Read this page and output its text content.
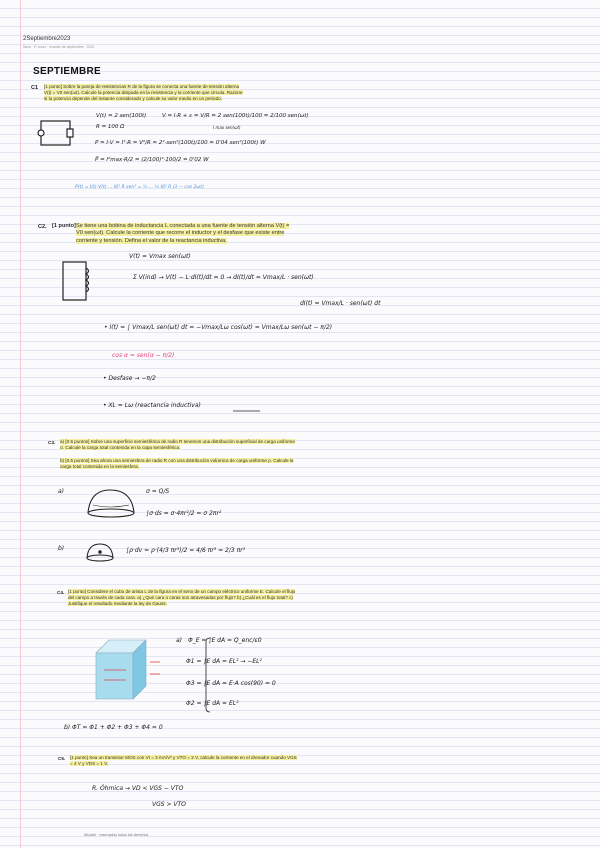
2Septiembre2023
fisica · 2º curso · examen de septiembre · 2023
SEPTIEMBRE
C1 [1 punto] Sobre la pareja de resistencias R de la figura se conecta una fuente de tensión alterna V(t) = V0 sen(ωt). Calcule la potencia disipada en la resistencia y la corriente que circula. Razone si la potencia depende del instante considerado y calcule su valor medio en un periodo.
V(t) = 2 sen(100t)	V = I·R + ε = V/R = 2 sen(100t)/100 = 2/100 sen(ωt)
I max sen(ωt)
R = 100 Ω
P = I·V = I²·R = V²/R = 2²·sen²(100t)/100 = 0'04 sen²(100t) W
P̄ = I²max·R/2 = (2/100)²·100/2 = 0'02 W
P(t) = I(t)·V(t) ... I0² R sen² = ½ ... ½ I0² R (1 − cos 2ωt)
C2. [1 punto] Se tiene una bobina de inductancia L conectada a una fuente de tensión alterna V(t) = V0 sen(ωt). Calcule la corriente que recorre el inductor y el desfase que existe entre corriente y tensión. Defina el valor de la reactancia inductiva.
V(t) = Vmax sen(ωt)
Σ V(ind) → V(t) − L·dI(t)/dt = 0 → dI(t)/dt = Vmax/L · sen(ωt)
dI(t) = Vmax/L · sen(ωt) dt
• I(t) = ∫ Vmax/L sen(ωt) dt = −Vmax/Lω cos(ωt) = Vmax/Lω sen(ωt − π/2)
cos α = sen(α − π/2)
• Desfase → −π/2
• XL = Lω (reactancia inductiva)
C3. a) [0.5 puntos] Sobre una superficie semiesférica de radio R tenemos una distribución superficial de carga uniforme σ. Calcule la carga total contenida en la capa semiesférica.
b) [0.5 puntos] Sea ahora una semiesfera de radio R con una distribución volúmica de carga uniforme ρ. Calcule la carga total contenida en la semiesfera.
a)	σ = Q/S
∫σ·ds = σ·4πr²/2 = σ 2πr²
b)	∫ρ·dv = ρ·(4/3 πr³)/2 = 4/6 πr³ = 2/3 πr³
C4. [1 punto] Considere el cubo de arista L de la figura en el seno de un campo eléctrico uniforme E. Calcule el flujo del campo a través de cada cara. a) ¿Qué cara o caras son atravesadas por flujo? b) ¿Cuál es el flujo total? c) Justifique el resultado mediante la ley de Gauss.
a) Φ_E = ∫E dA = Q_enc/ε0
Φ1 = ∫E dA = EL² → −EL²
Φ3 = ∫E dA = E·A cos(90) = 0
Φ2 = ∫E dA = EL²
b) ΦT = Φ1 + Φ2 + Φ3 + Φ4 = 0
C5. [1 punto] Sea un transistor MOS con Vt = 3 mA/V² y VTO = 2 V, calcule la corriente en el drenador cuando VGS = 4 V y VDS = 1 V.
R. Óhmica → VD < VGS − VTO
VGS > VTO
Wuolah · reservados todos los derechos
